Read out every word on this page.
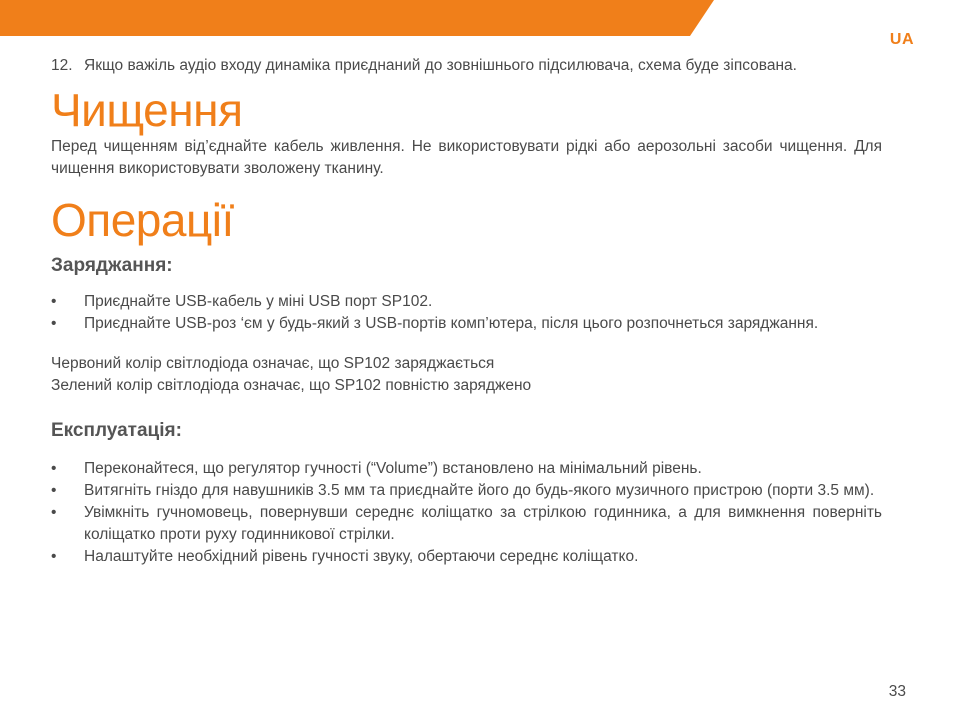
UA
12. Якщо важіль аудіо входу динаміка приєднаний до зовнішнього підсилювача, схема буде зіпсована.
Чищення

Перед чищенням від’єднайте кабель живлення. Не використовувати рідкі або аерозольні засоби чищення. Для чищення використовувати зволожену тканину.

Операції
Заряджання:
• Приєднайте USB-кабель у міні USB порт SP102.
• Приєднайте USB-роз ‘єм у будь-який з USB-портів комп’ютера, після цього розпочнеться заряджання.
Червоний колір світлодіода означає, що SP102 заряджається
Зелений колір світлодіода означає, що SP102 повністю заряджено
Експлуатація:
• Переконайтеся, що регулятор гучності (“Volume”) встановлено на мінімальний рівень.
• Витягніть гніздо для навушників 3.5 мм та приєднайте його до будь-якого музичного пристрою (порти 3.5 мм).
• Увімкніть гучномовець, повернувши середнє коліщатко за стрілкою годинника, а для вимкнення поверніть коліщатко проти руху годинникової стрілки.
• Налаштуйте необхідний рівень гучності звуку, обертаючи середнє коліщатко.
33
